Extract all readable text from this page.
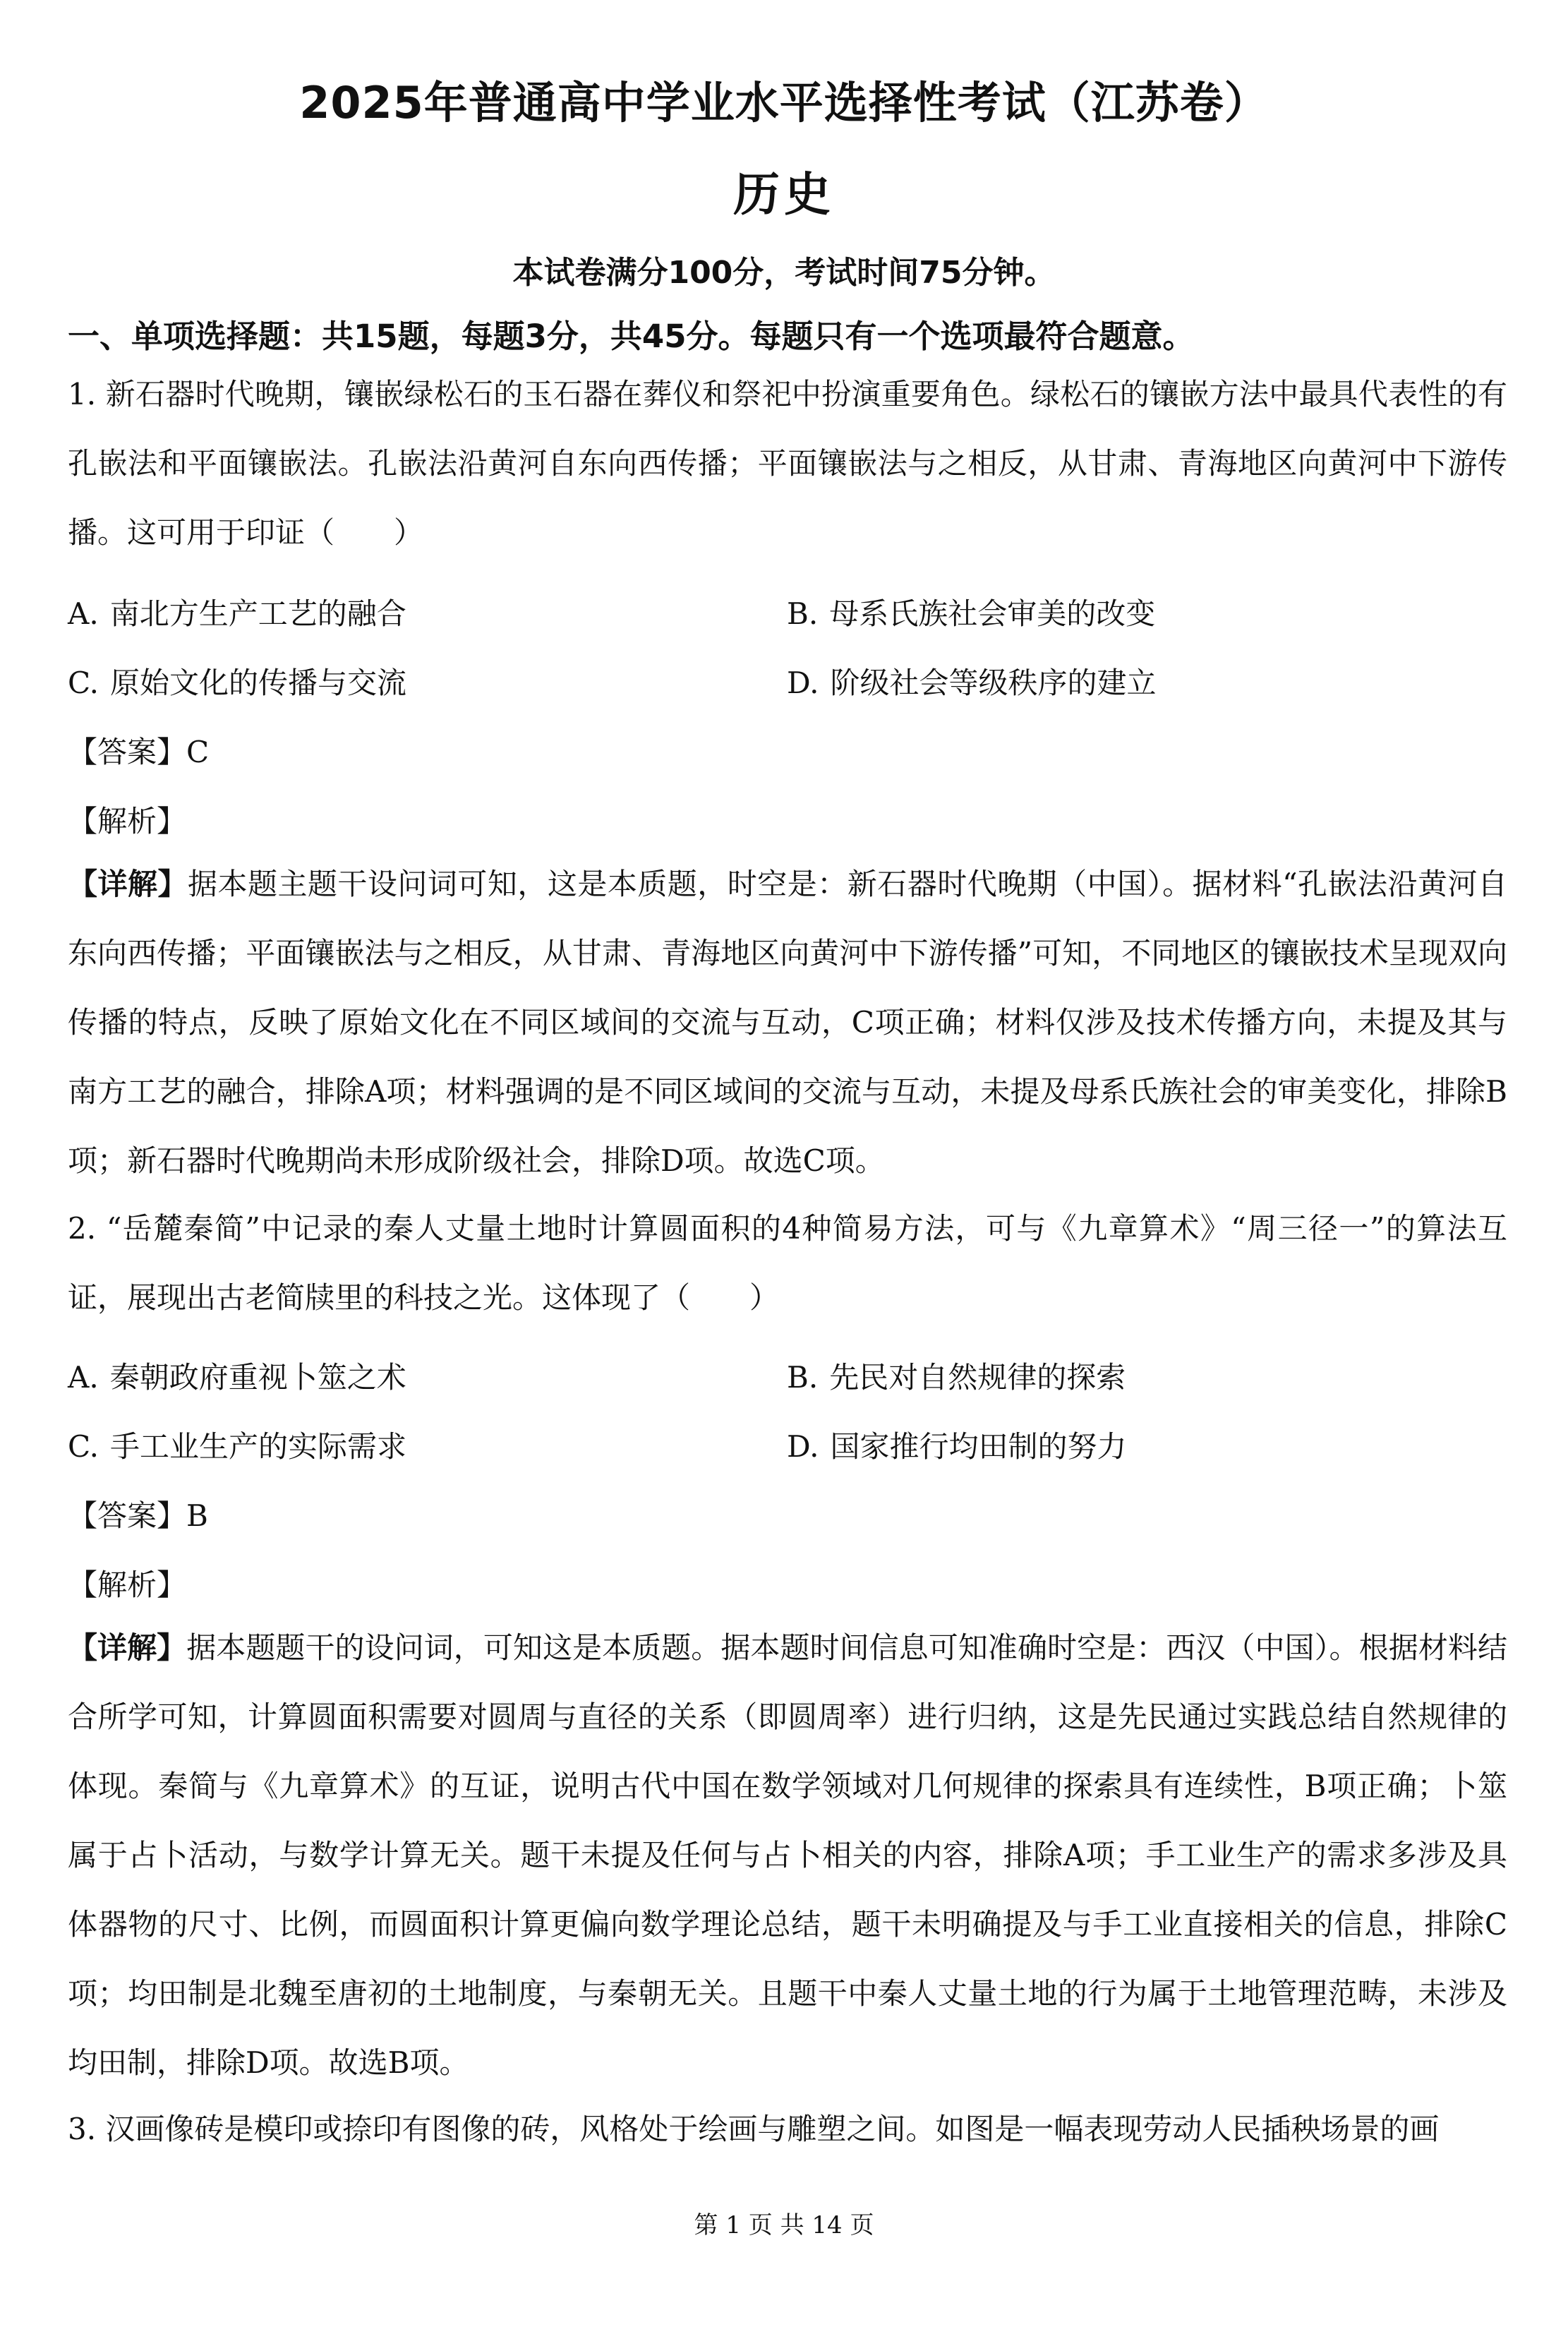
2025年普通高中学业水平选择性考试（江苏卷）
历史
本试卷满分100分，考试时间75分钟。
一、单项选择题：共15题，每题3分，共45分。每题只有一个选项最符合题意。

1. 新石器时代晚期，镶嵌绿松石的玉石器在葬仪和祭祀中扮演重要角色。绿松石的镶嵌方法中最具代表性的有孔嵌法和平面镶嵌法。孔嵌法沿黄河自东向西传播；平面镶嵌法与之相反，从甘肃、青海地区向黄河中下游传播。这可用于印证（　　）

A. 南北方生产工艺的融合	B. 母系氏族社会审美的改变
C. 原始文化的传播与交流	D. 阶级社会等级秩序的建立
【答案】C
【解析】

【详解】据本题主题干设问词可知，这是本质题，时空是：新石器时代晚期（中国）。据材料“孔嵌法沿黄河自东向西传播；平面镶嵌法与之相反，从甘肃、青海地区向黄河中下游传播”可知，不同地区的镶嵌技术呈现双向传播的特点，反映了原始文化在不同区域间的交流与互动，C项正确；材料仅涉及技术传播方向，未提及其与南方工艺的融合，排除A项；材料强调的是不同区域间的交流与互动，未提及母系氏族社会的审美变化，排除B项；新石器时代晚期尚未形成阶级社会，排除D项。故选C项。

2. “岳麓秦简”中记录的秦人丈量土地时计算圆面积的4种简易方法，可与《九章算术》“周三径一”的算法互证，展现出古老简牍里的科技之光。这体现了（　　）

A. 秦朝政府重视卜筮之术	B. 先民对自然规律的探索
C. 手工业生产的实际需求	D. 国家推行均田制的努力
【答案】B
【解析】

【详解】据本题题干的设问词，可知这是本质题。据本题时间信息可知准确时空是：西汉（中国）。根据材料结合所学可知，计算圆面积需要对圆周与直径的关系（即圆周率）进行归纳，这是先民通过实践总结自然规律的体现。秦简与《九章算术》的互证，说明古代中国在数学领域对几何规律的探索具有连续性，B项正确；卜筮属于占卜活动，与数学计算无关。题干未提及任何与占卜相关的内容，排除A项；手工业生产的需求多涉及具体器物的尺寸、比例，而圆面积计算更偏向数学理论总结，题干未明确提及与手工业直接相关的信息，排除C项；均田制是北魏至唐初的土地制度，与秦朝无关。且题干中秦人丈量土地的行为属于土地管理范畴，未涉及均田制，排除D项。故选B项。

3. 汉画像砖是模印或捺印有图像的砖，风格处于绘画与雕塑之间。如图是一幅表现劳动人民插秧场景的画

第 1 页 共 14 页
